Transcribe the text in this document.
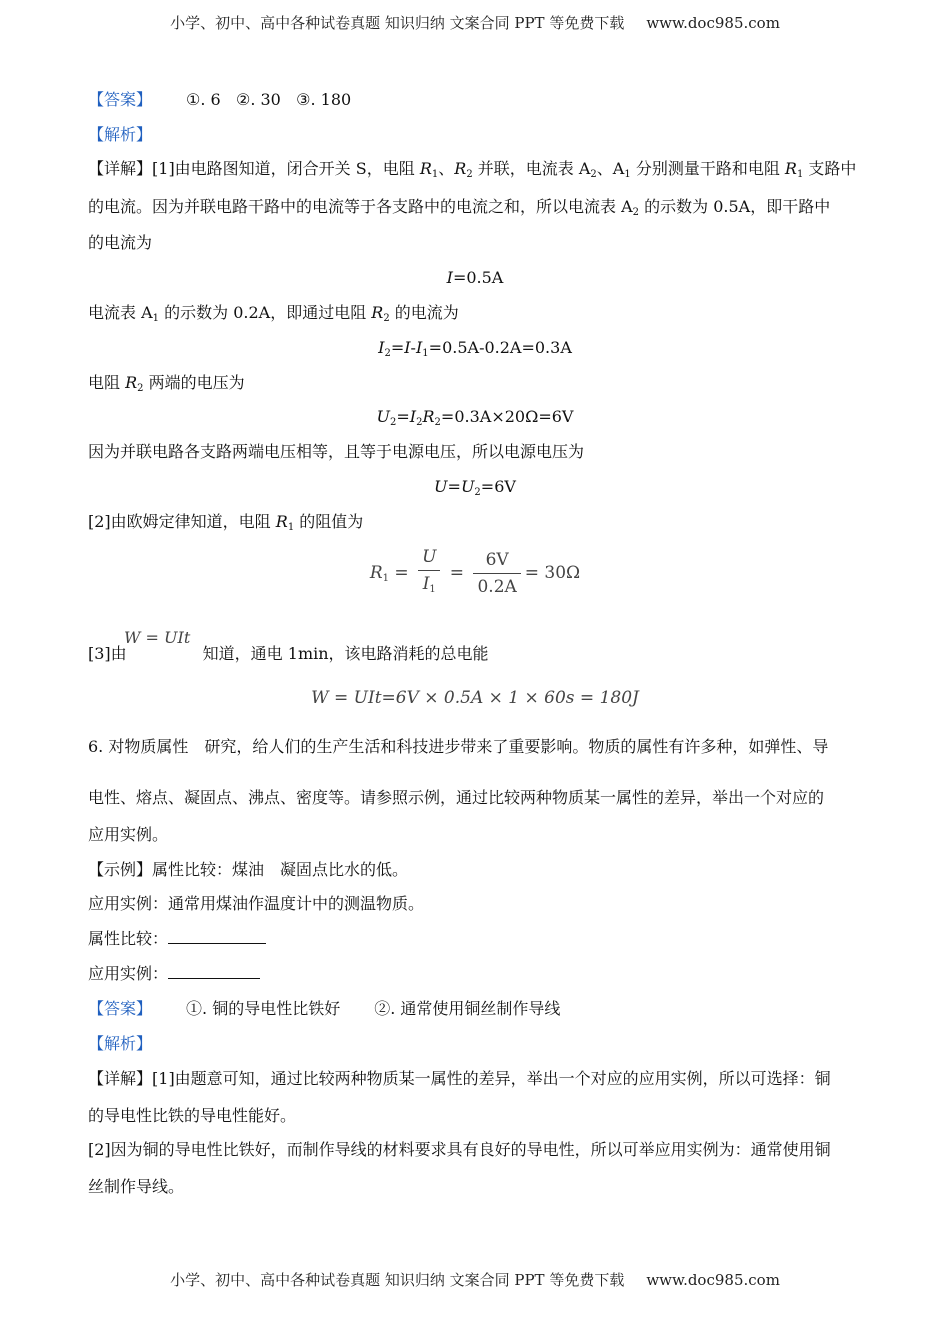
小学、初中、高中各种试卷真题 知识归纳 文案合同 PPT 等免费下载 www.doc985.com
【答案】 ①. 6 ②. 30 ③. 180
【解析】
【详解】[1]由电路图知道，闭合开关 S，电阻 $R_1$、$R_2$ 并联，电流表 $A_2$、$A_1$ 分别测量干路和电阻 $R_1$ 支路中
的电流。因为并联电路干路中的电流等于各支路中的电流之和，所以电流表 $A_2$ 的示数为 0.5A，即干路中
的电流为
I=0.5A
电流表 $A_1$ 的示数为 0.2A，即通过电阻 $R_2$ 的电流为
$I_2=I-I_1=0.5A-0.2A=0.3A$
电阻 $R_2$ 两端的电压为
$U_2=I_2R_2=0.3A\times 20\Omega=6V$
因为并联电路各支路两端电压相等，且等于电源电压，所以电源电压为
$U=U_2=6V$
[2]由欧姆定律知道，电阻 $R_1$ 的阻值为
$R_1 = \frac{U}{I_1} = \frac{6V}{0.2A} = 30\Omega$
W = UIt
[3]由	知道，通电 1min，该电路消耗的总电能
W = UIt=6V × 0.5A × 1 × 60s = 180J
6. 对物质属性　研究，给人们的生产生活和科技进步带来了重要影响。物质的属性有许多种，如弹性、导
电性、熔点、凝固点、沸点、密度等。请参照示例，通过比较两种物质某一属性的差异，举出一个对应的
应用实例。
【示例】属性比较：煤油　凝固点比水的低。
应用实例：通常用煤油作温度计中的测温物质。
属性比较：
应用实例：
【答案】 ①. 铜的导电性比铁好 ②. 通常使用铜丝制作导线
【解析】
【详解】[1]由题意可知，通过比较两种物质某一属性的差异，举出一个对应的应用实例，所以可选择：铜
的导电性比铁的导电性能好。
[2]因为铜的导电性比铁好，而制作导线的材料要求具有良好的导电性，所以可举应用实例为：通常使用铜
丝制作导线。
小学、初中、高中各种试卷真题 知识归纳 文案合同 PPT 等免费下载 www.doc985.com
